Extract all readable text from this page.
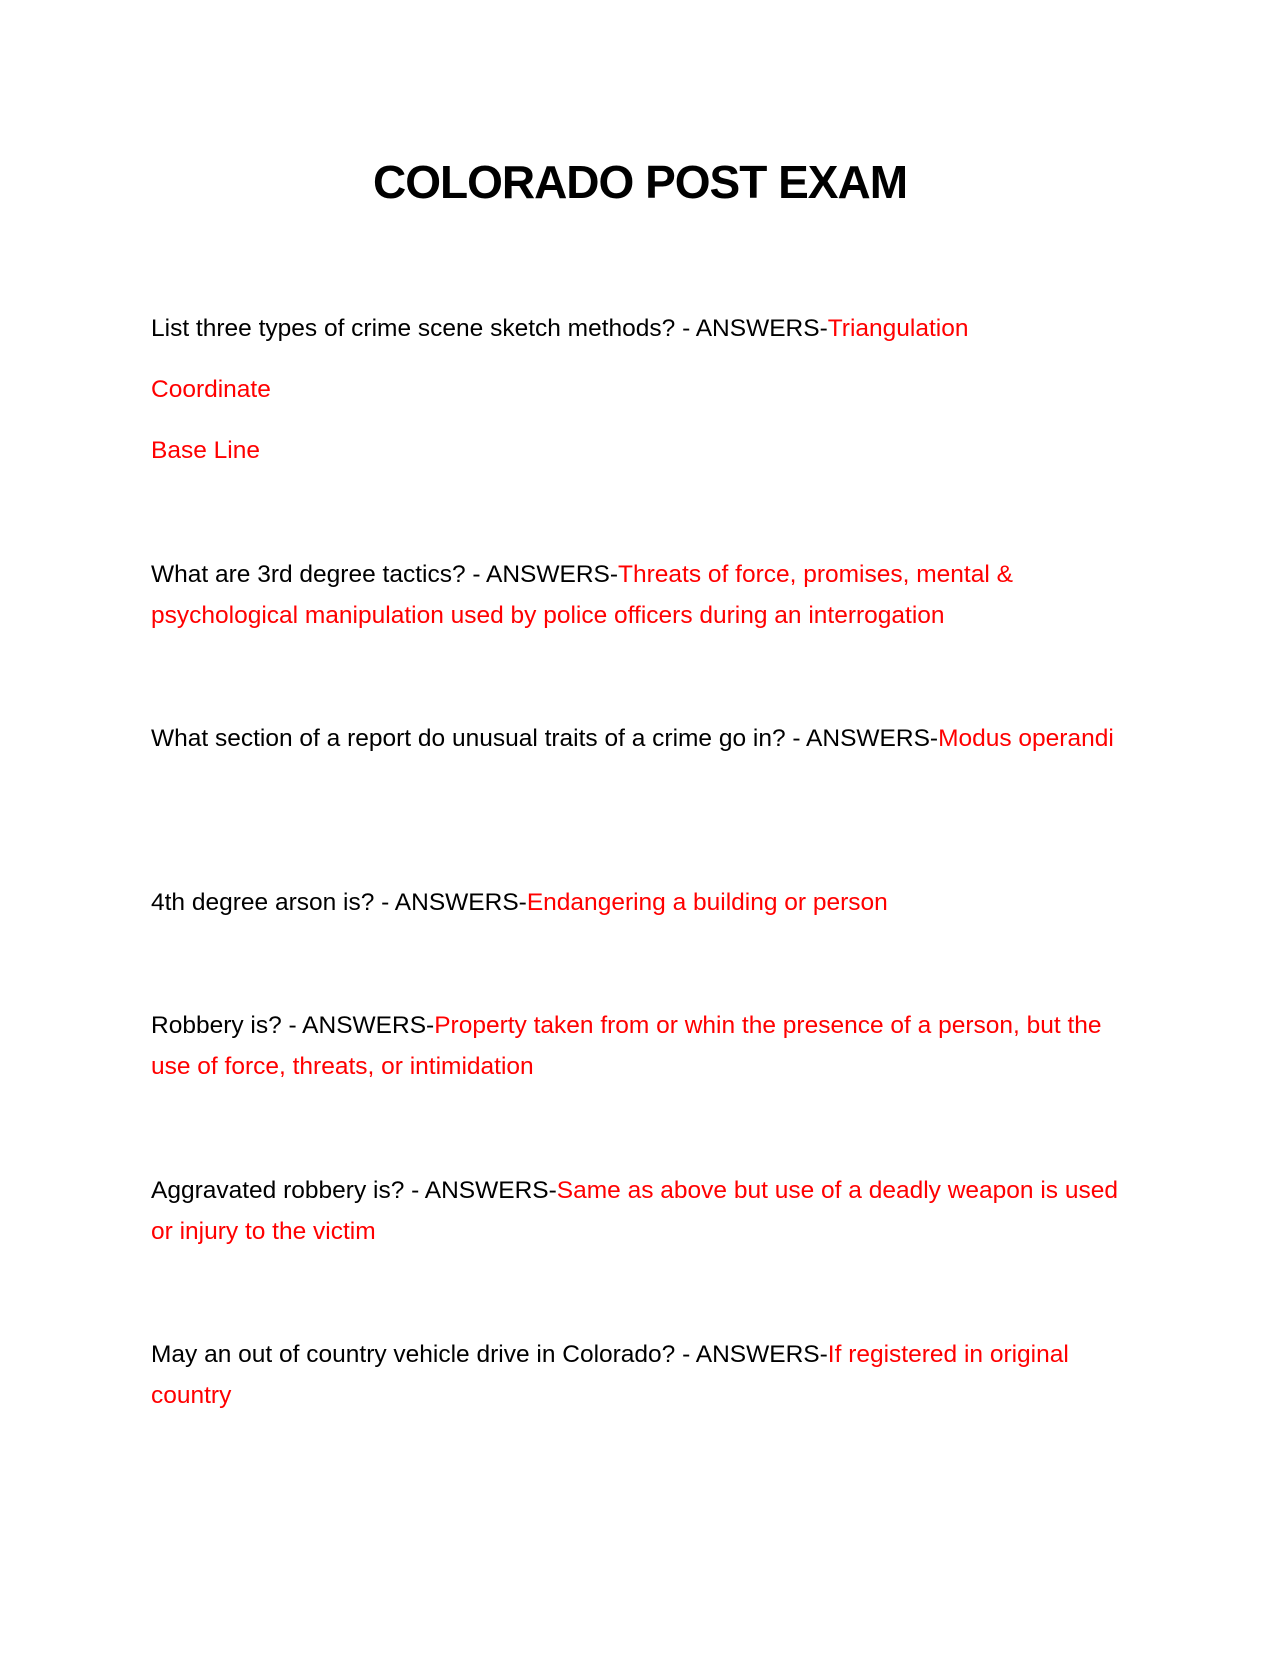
COLORADO POST EXAM

List three types of crime scene sketch methods? - ANSWERS-Triangulation

Coordinate

Base Line

What are 3rd degree tactics? - ANSWERS-Threats of force, promises, mental & psychological manipulation used by police officers during an interrogation

What section of a report do unusual traits of a crime go in? - ANSWERS-Modus operandi

4th degree arson is? - ANSWERS-Endangering a building or person

Robbery is? - ANSWERS-Property taken from or whin the presence of a person, but the use of force, threats, or intimidation

Aggravated robbery is? - ANSWERS-Same as above but use of a deadly weapon is used or injury to the victim

May an out of country vehicle drive in Colorado? - ANSWERS-If registered in original country
